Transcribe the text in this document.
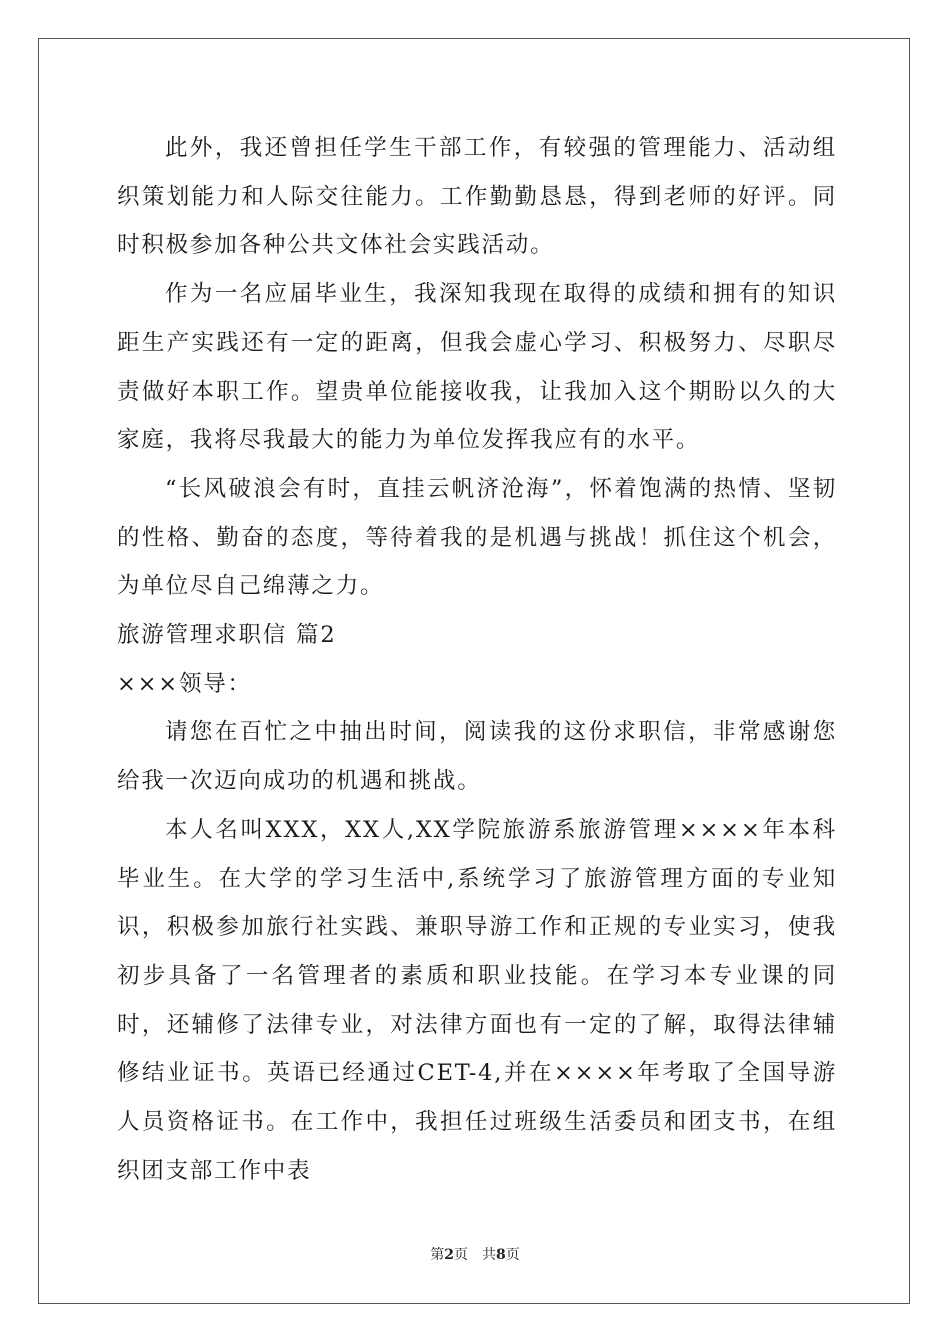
此外，我还曾担任学生干部工作，有较强的管理能力、活动组织策划能力和人际交往能力。工作勤勤恳恳，得到老师的好评。同时积极参加各种公共文体社会实践活动。

作为一名应届毕业生，我深知我现在取得的成绩和拥有的知识距生产实践还有一定的距离，但我会虚心学习、积极努力、尽职尽责做好本职工作。望贵单位能接收我，让我加入这个期盼以久的大家庭，我将尽我最大的能力为单位发挥我应有的水平。

“长风破浪会有时，直挂云帆济沧海”，怀着饱满的热情、坚韧的性格、勤奋的态度，等待着我的是机遇与挑战！抓住这个机会，为单位尽自己绵薄之力。

旅游管理求职信 篇2

×××领导：

请您在百忙之中抽出时间，阅读我的这份求职信，非常感谢您给我一次迈向成功的机遇和挑战。

本人名叫XXX，XX人,XX学院旅游系旅游管理××××年本科毕业生。在大学的学习生活中,系统学习了旅游管理方面的专业知识，积极参加旅行社实践、兼职导游工作和正规的专业实习，使我初步具备了一名管理者的素质和职业技能。在学习本专业课的同时，还辅修了法律专业，对法律方面也有一定的了解，取得法律辅修结业证书。英语已经通过CET-4,并在××××年考取了全国导游人员资格证书。在工作中，我担任过班级生活委员和团支书，在组织团支部工作中表

第2页 共8页
